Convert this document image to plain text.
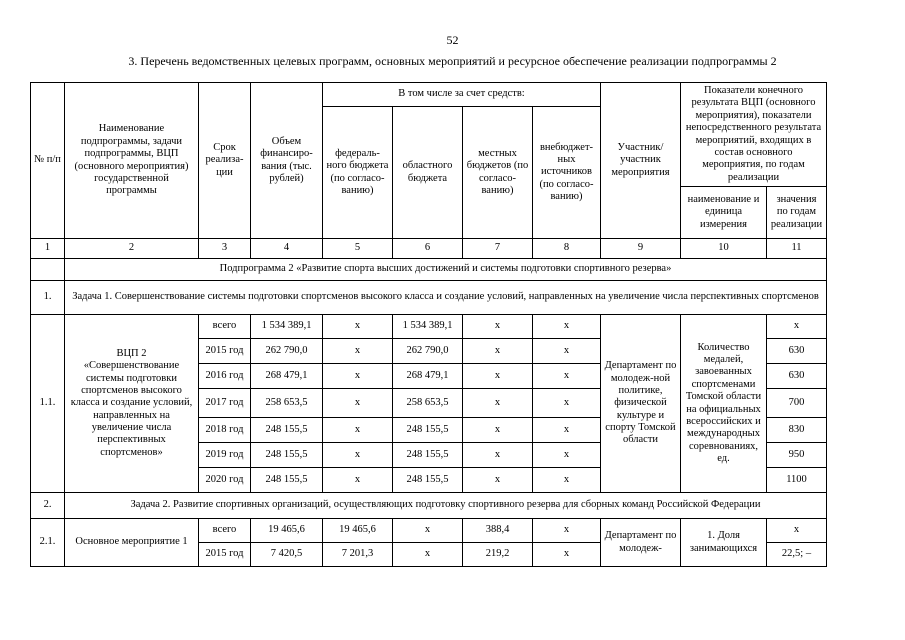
52
3. Перечень ведомственных целевых программ, основных мероприятий и ресурсное обеспечение реализации подпрограммы 2
№ п/п	Наименование подпрограммы, задачи подпрограммы, ВЦП (основного мероприятия) государственной программы	Срок реализа-ции	Объем финансиро-вания (тыс. рублей)	В том числе за счет средств:				Участник/ участник мероприятия	Показатели конечного результата ВЦП (основного мероприятия), показатели непосредственного результата мероприятий, входящих в состав основного мероприятия, по годам реализации	
				федераль-ного бюджета (по согласо-ванию)	областного бюджета	местных бюджетов (по согласо-ванию)	внебюджет-ных источников (по согласо-ванию)			
									наименование и единица измерения	значения по годам реализации
1	2	3	4	5	6	7	8	9	10	11
	Подпрограмма 2 «Развитие спорта высших достижений и системы подготовки спортивного резерва»									
1.	Задача 1. Совершенствование системы подготовки спортсменов высокого класса и создание условий, направленных на увеличение числа перспективных спортсменов									
1.1.	ВЦП 2 «Совершенствование системы подготовки спортсменов высокого класса и создание условий, направленных на увеличение числа перспективных спортсменов»	всего	1 534 389,1	x	1 534 389,1	x	x	Департамент по молодеж-ной политике, физической культуре и спорту Томской области	Количество медалей, завоеванных спортсменами Томской области на официальных всероссийских и международных соревнованиях, ед.	x
		2015 год	262 790,0	x	262 790,0	x	x			630
		2016 год	268 479,1	x	268 479,1	x	x			630
		2017 год	258 653,5	x	258 653,5	x	x			700
		2018 год	248 155,5	x	248 155,5	x	x			830
		2019 год	248 155,5	x	248 155,5	x	x			950
		2020 год	248 155,5	x	248 155,5	x	x			1100
2.	Задача 2. Развитие спортивных организаций, осуществляющих подготовку спортивного резерва для сборных команд Российской Федерации									
2.1.	Основное мероприятие 1	всего	19 465,6	19 465,6	x	388,4	x	Департамент по молодеж-	1. Доля занимающихся	x
		2015 год	7 420,5	7 201,3	x	219,2	x			22,5; –
